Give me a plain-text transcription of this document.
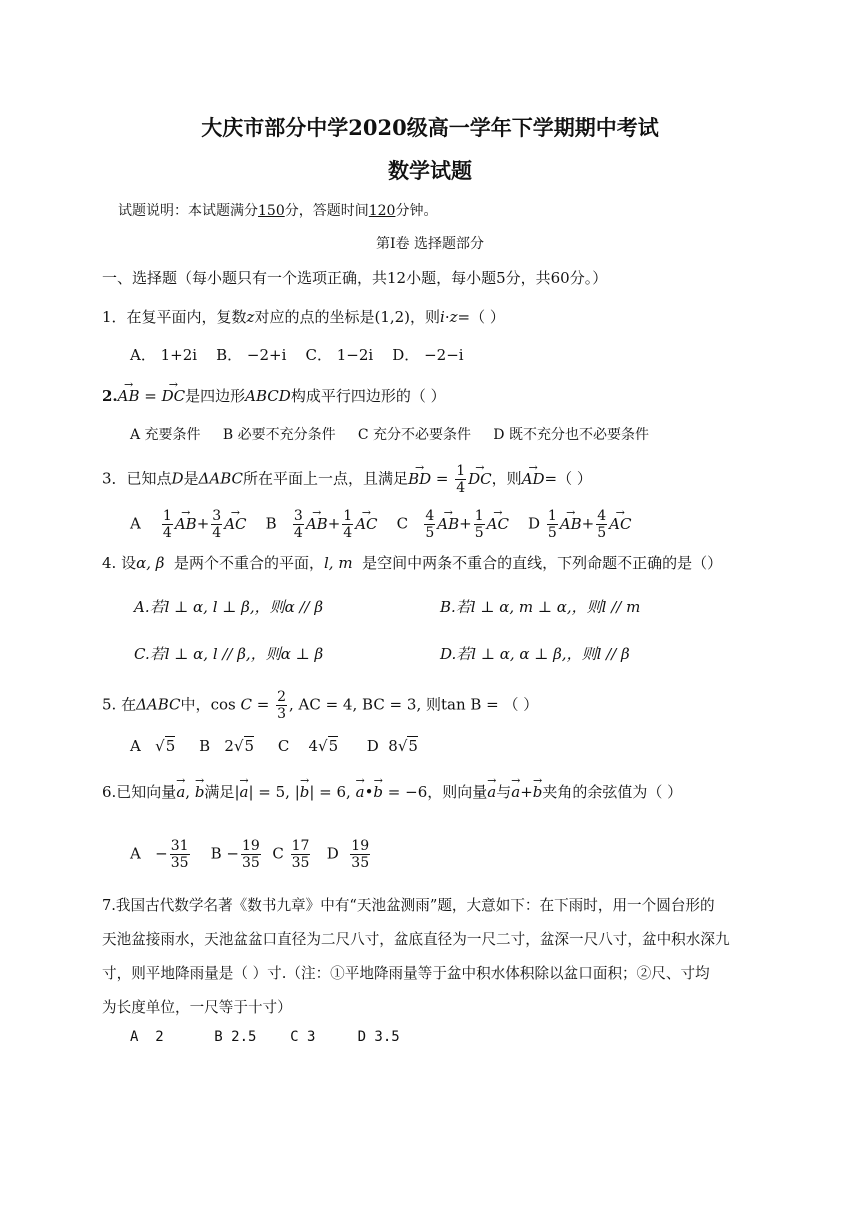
大庆市部分中学2020级高一学年下学期期中考试
数学试题
试题说明：本试题满分150分，答题时间120分钟。
第Ⅰ卷 选择题部分
一、选择题（每小题只有一个选项正确，共12小题，每小题5分，共60分。）
1．在复平面内，复数z对应的点的坐标是(1,2)，则i·z=（ ）
A． 1+2i B． −2+i C． 1−2i D． −2−i
2.→ AB = → DC是四边形ABCD构成平行四边形的（ ）
A 充要条件 B 必要不充分条件 C 充分不必要条件 D 既不充分也不必要条件
3．已知点D是ΔABC所在平面上一点，且满足→ BD = $\frac{1}{4}$
→ DC，则→ AD=（ ）
A $\frac{1}{4}$
→ $AB+ \frac{3}{4}$
→ AC    B $\frac{3}{4}$
→ $AB+ \frac{1}{4}$
→ AC    C $\frac{4}{5}$
→ $AB+ \frac{1}{5}$
→ AC    D $\frac{1}{5}$
→ $AB+ \frac{4}{5}$
→ AC
4. 设α, β 是两个不重合的平面，l, m 是空间中两条不重合的直线，下列命题不正确的是（）
A.若l ⊥ α, l ⊥ β,，则α // β	B.若l ⊥ α, m ⊥ α,，则l // m
C.若l ⊥ α, l // β,，则α ⊥ β	D.若l ⊥ α, α ⊥ β,，则l // β
5. 在ΔABC中，$\cos C = \frac{2}{3}$ , AC = 4, BC = 3, 则tan B = （ ）
A   √5     B   2√5     C    4√5      D  8√5
6.已知向量→ a, → b满足|→ a| = 5, |→ b| = 6, → a•→ b = −6，则向量→ a与→ a+→ b夹角的余弦值为（ ）
$A - \frac{31}{35}$ $B - \frac{19}{35}$ C $\frac{17}{35}$ D $\frac{19}{35}$
7.我国古代数学名著《数书九章》中有“天池盆测雨”题，大意如下：在下雨时，用一个圆台形的
天池盆接雨水，天池盆盆口直径为二尺八寸，盆底直径为一尺二寸，盆深一尺八寸，盆中积水深九
寸，则平地降雨量是（ ）寸.（注：①平地降雨量等于盆中积水体积除以盆口面积；②尺、寸均
为长度单位，一尺等于十寸）
A  2      B 2.5    C 3     D 3.5
